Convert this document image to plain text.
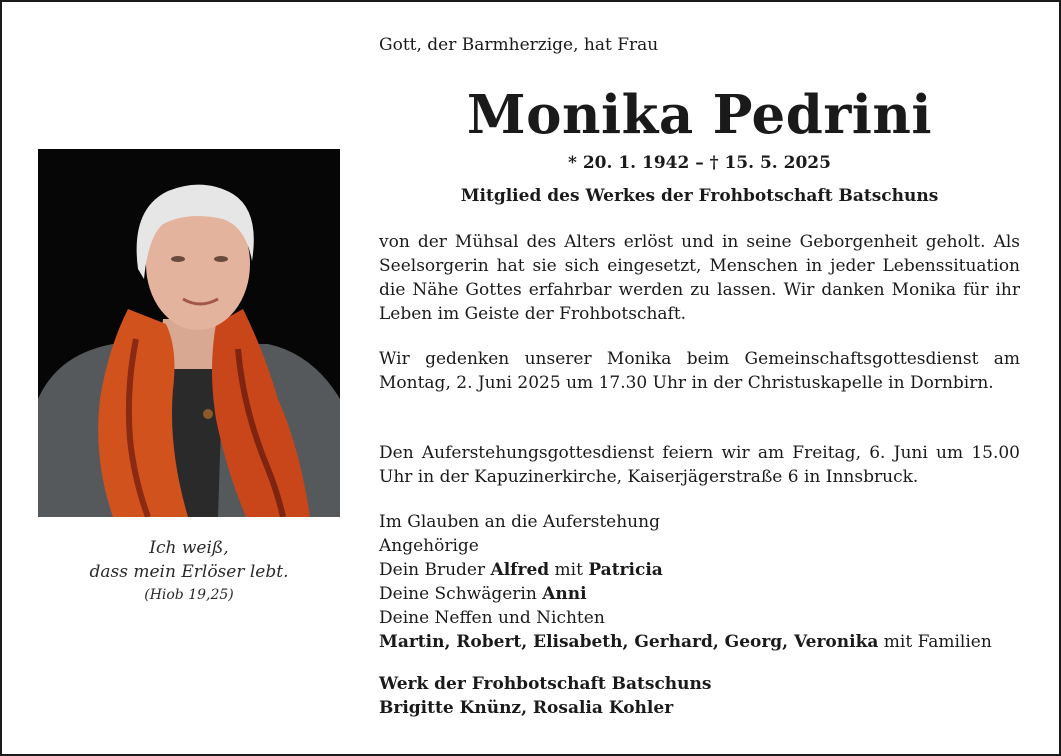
Ich weiß,
dass mein Erlöser lebt.
(Hiob 19,25)
Gott, der Barmherzige, hat Frau
Monika Pedrini
* 20. 1. 1942 – † 15. 5. 2025
Mitglied des Werkes der Frohbotschaft Batschuns

von der Mühsal des Alters erlöst und in seine Geborgenheit geholt. Als Seelsorgerin hat sie sich eingesetzt, Menschen in jeder Lebenssituation die Nähe Gottes erfahrbar werden zu lassen. Wir danken Monika für ihr Leben im Geiste der Frohbotschaft.

Wir gedenken unserer Monika beim Gemeinschaftsgottesdienst am Montag, 2. Juni 2025 um 17.30 Uhr in der Christuskapelle in Dornbirn.

Den Auferstehungsgottesdienst feiern wir am Freitag, 6. Juni um 15.00 Uhr in der Kapuzinerkirche, Kaiserjägerstraße 6 in Innsbruck.

Im Glauben an die Auferstehung
Angehörige
Dein Bruder Alfred mit Patricia
Deine Schwägerin Anni
Deine Neffen und Nichten
Martin, Robert, Elisabeth, Gerhard, Georg, Veronika mit Familien
Werk der Frohbotschaft Batschuns
Brigitte Knünz, Rosalia Kohler
